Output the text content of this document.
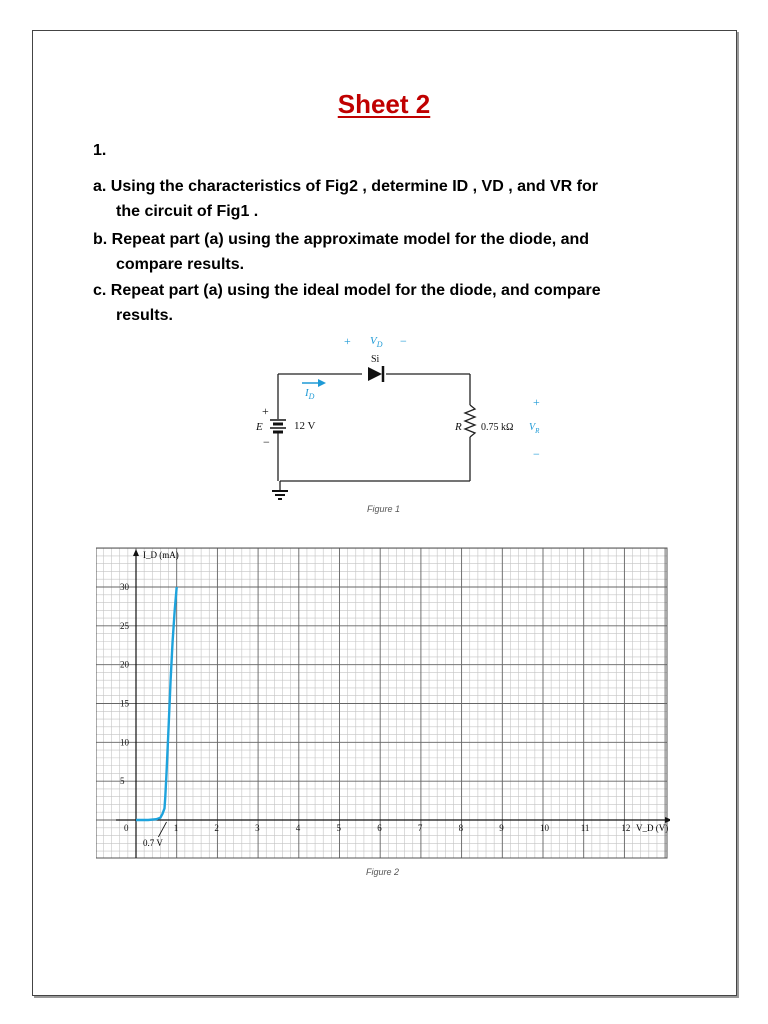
Sheet 2
1.
a. Using the characteristics of Fig2 , determine ID , VD , and VR for
the circuit of Fig1 .
b. Repeat part (a) using the approximate model for the diode, and
compare results.
c. Repeat part (a) using the ideal model for the diode, and compare
results.
+ $V_D$ −
Si
$I_D$
+
−
E	12 V	R 0.75 kΩ $V_R$
+
−
Figure 1
0	1	2	3	4	5	6	7	8	9	10	11	12
5
10
15
20
25
30
I_D (mA)
V_D (V)
0.7 V
Figure 2
